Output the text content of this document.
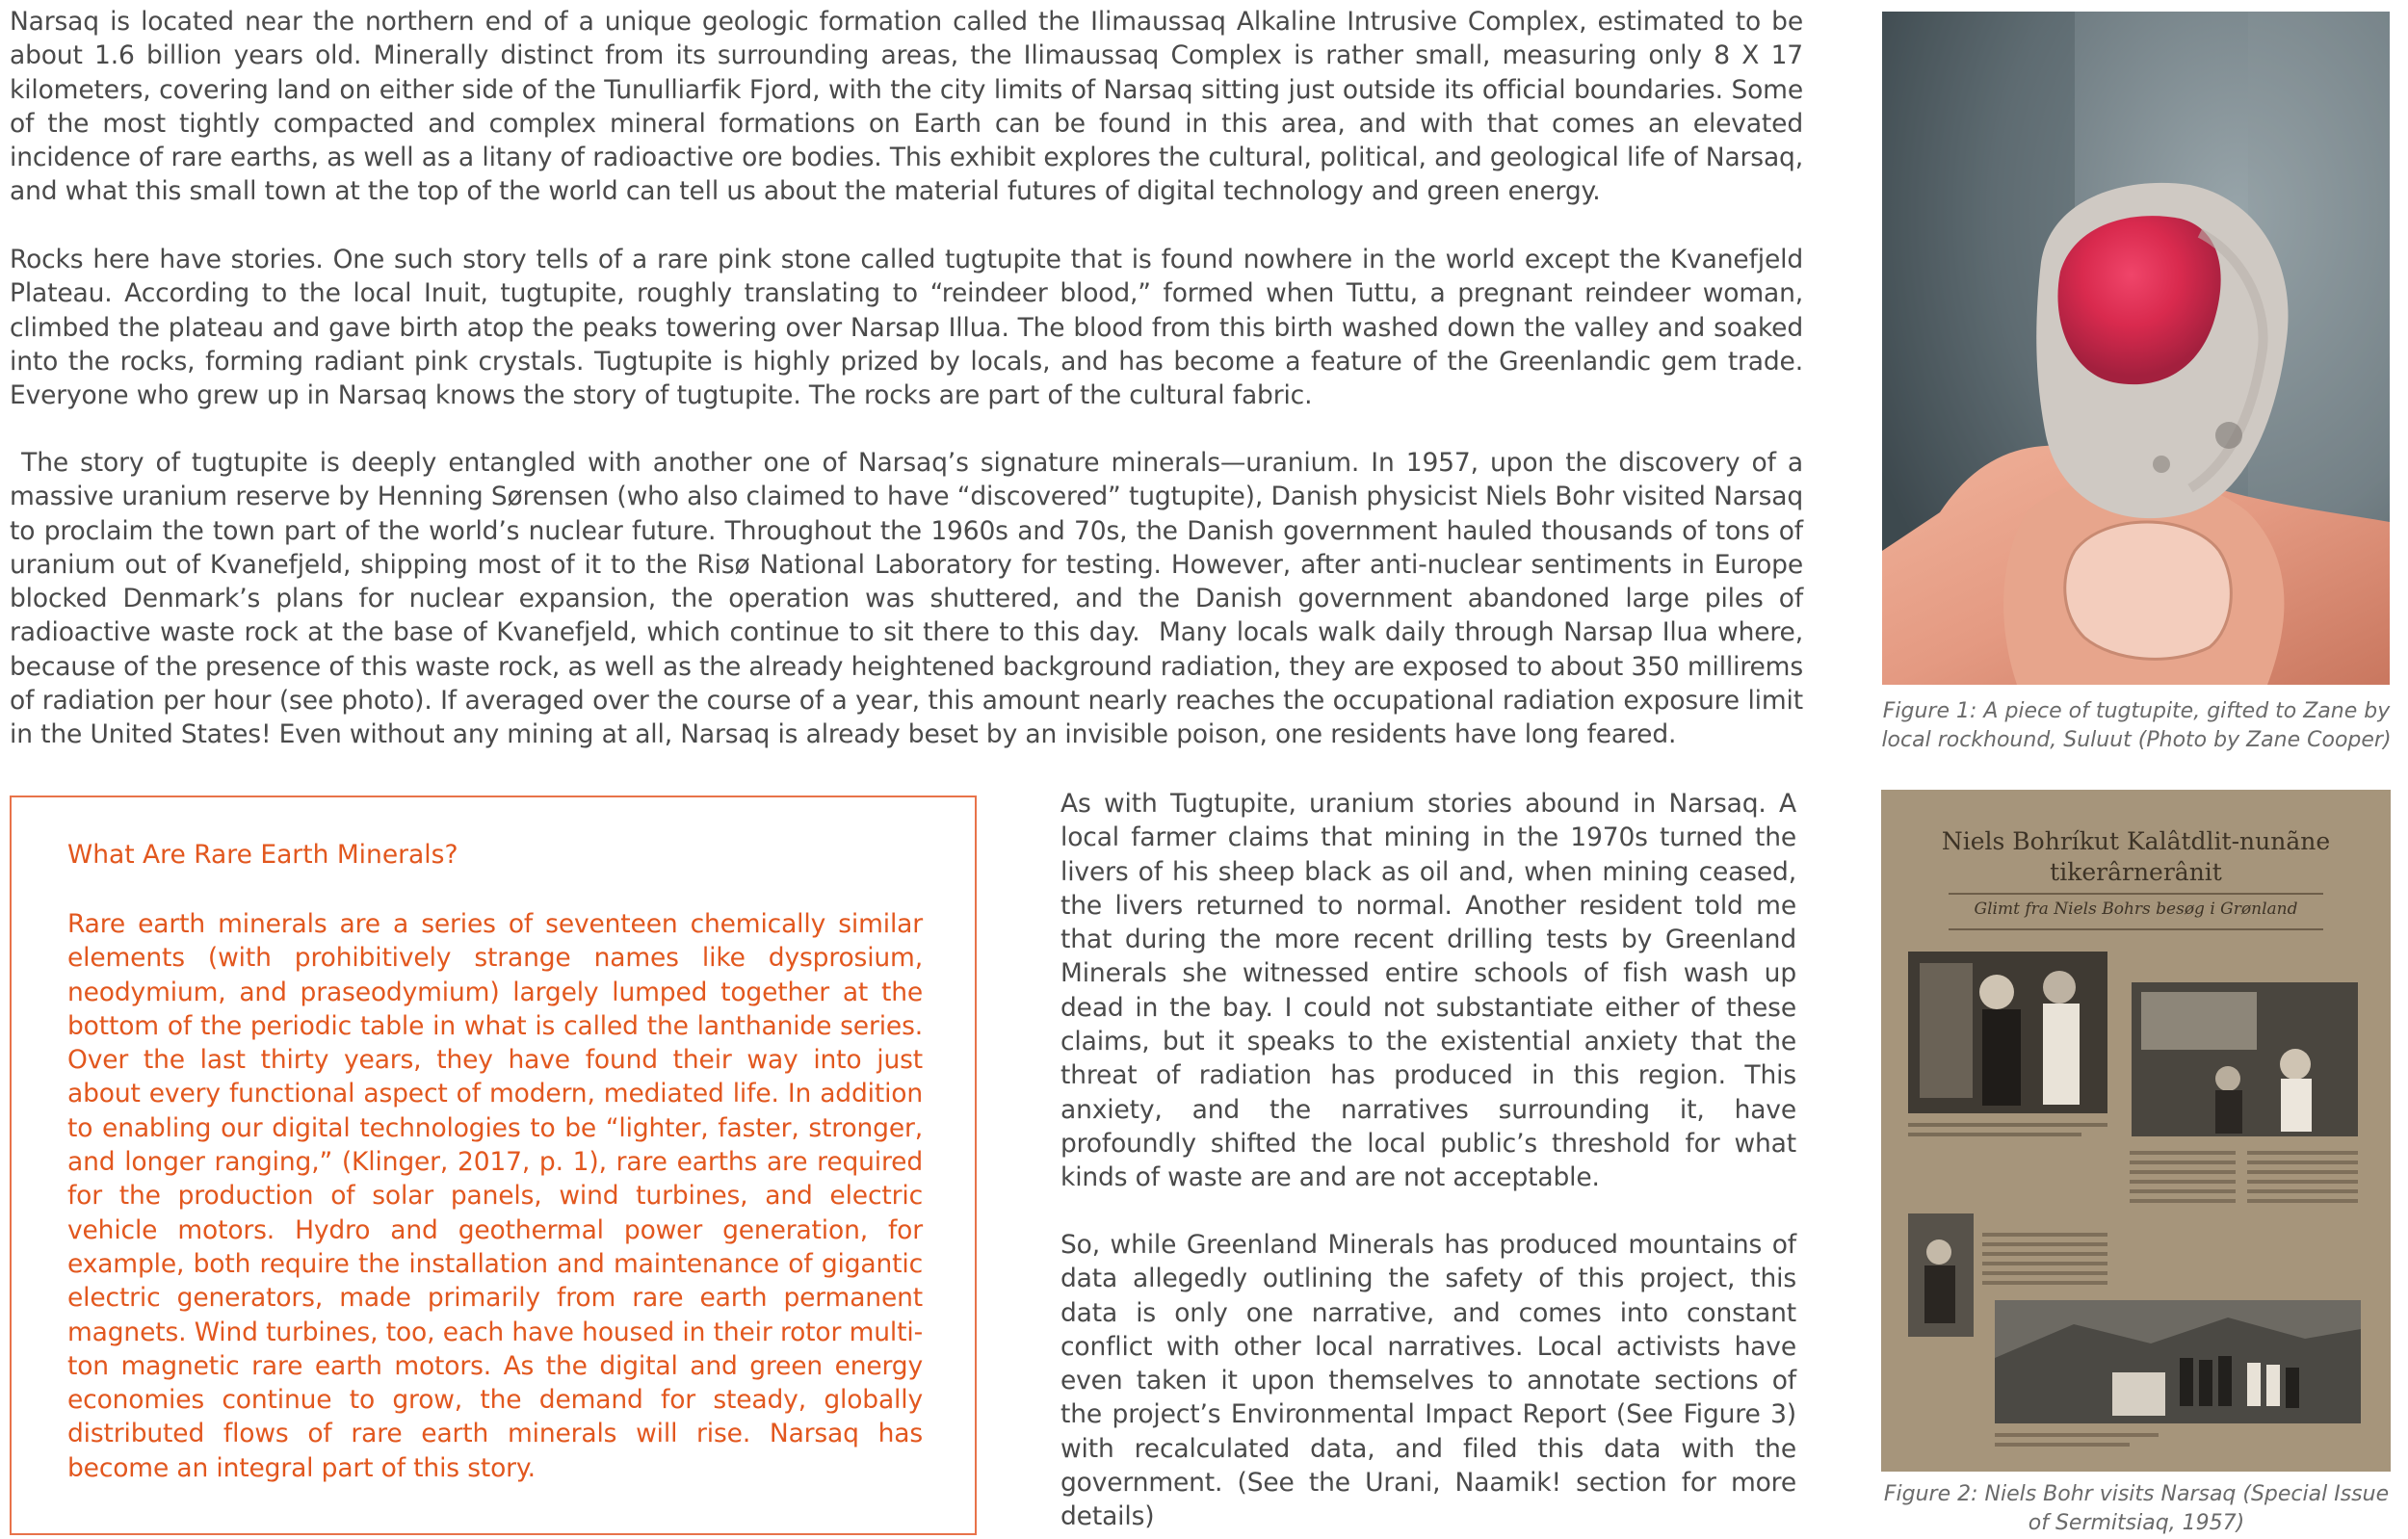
Narsaq is located near the northern end of a unique geologic formation called the Ilimaussaq Alkaline Intrusive Complex, estimated to be about 1.6 billion years old. Minerally distinct from its surrounding areas, the Ilimaussaq Complex is rather small, measuring only 8 X 17 kilometers, covering land on either side of the Tunulliarfik Fjord, with the city limits of Narsaq sitting just outside its official boundaries. Some of the most tightly compacted and complex mineral formations on Earth can be found in this area, and with that comes an elevated incidence of rare earths, as well as a litany of radioactive ore bodies. This exhibit explores the cultural, political, and geological life of Narsaq, and what this small town at the top of the world can tell us about the material futures of digital technology and green energy.

Rocks here have stories. One such story tells of a rare pink stone called tugtupite that is found nowhere in the world except the Kvanefjeld Plateau. According to the local Inuit, tugtupite, roughly translating to “reindeer blood,” formed when Tuttu, a pregnant reindeer woman, climbed the plateau and gave birth atop the peaks towering over Narsap Illua. The blood from this birth washed down the valley and soaked into the rocks, forming radiant pink crystals. Tugtupite is highly prized by locals, and has become a feature of the Greenlandic gem trade. Everyone who grew up in Narsaq knows the story of tugtupite. The rocks are part of the cultural fabric.

The story of tugtupite is deeply entangled with another one of Narsaq’s signature minerals—uranium. In 1957, upon the discovery of a massive uranium reserve by Henning Sørensen (who also claimed to have “discovered” tugtupite), Danish physicist Niels Bohr visited Narsaq to proclaim the town part of the world’s nuclear future. Throughout the 1960s and 70s, the Danish government hauled thousands of tons of uranium out of Kvanefjeld, shipping most of it to the Risø National Laboratory for testing. However, after anti-nuclear sentiments in Europe blocked Denmark’s plans for nuclear expansion, the operation was shuttered, and the Danish government abandoned large piles of radioactive waste rock at the base of Kvanefjeld, which continue to sit there to this day.  Many locals walk daily through Narsap Ilua where, because of the presence of this waste rock, as well as the already heightened background radiation, they are exposed to about 350 millirems of radiation per hour (see photo). If averaged over the course of a year, this amount nearly reaches the occupational radiation exposure limit in the United States! Even without any mining at all, Narsaq is already beset by an invisible poison, one residents have long feared.

What Are Rare Earth Minerals?

Rare earth minerals are a series of seventeen chemically similar elements (with prohibitively strange names like dysprosium, neodymium, and praseodymium) largely lumped together at the bottom of the periodic table in what is called the lanthanide series. Over the last thirty years, they have found their way into just about every functional aspect of modern, mediated life. In addition to enabling our digital technologies to be “lighter, faster, stronger, and longer ranging,” (Klinger, 2017, p. 1), rare earths are required for the production of solar panels, wind turbines, and electric vehicle motors. Hydro and geothermal power generation, for example, both require the installation and maintenance of gigantic electric generators, made primarily from rare earth permanent magnets. Wind turbines, too, each have housed in their rotor multi-ton magnetic rare earth motors. As the digital and green energy economies continue to grow, the demand for steady, globally distributed flows of rare earth minerals will rise. Narsaq has become an integral part of this story.

As with Tugtupite, uranium stories abound in Narsaq. A local farmer claims that mining in the 1970s turned the livers of his sheep black as oil and, when mining ceased, the livers returned to normal. Another resident told me that during the more recent drilling tests by Greenland Minerals she witnessed entire schools of fish wash up dead in the bay. I could not substantiate either of these claims, but it speaks to the existential anxiety that the threat of radiation has produced in this region. This anxiety, and the narratives surrounding it, have profoundly shifted the local public’s threshold for what kinds of waste are and are not acceptable.

So, while Greenland Minerals has produced mountains of data allegedly outlining the safety of this project, this data is only one narrative, and comes into constant conflict with other local narratives. Local activists have even taken it upon themselves to annotate sections of the project’s Environmental Impact Report (See Figure 3) with recalculated data, and filed this data with the government. (See the Urani, Naamik! section for more details)

Figure 1: A piece of tugtupite, gifted to Zane by local rockhound, Suluut (Photo by Zane Cooper)

Niels Bohríkut Kalâtdlit-nunãne
tikerârnerânit
Glimt fra Niels Bohrs besøg i Grønland

Figure 2: Niels Bohr visits Narsaq (Special Issue of Sermitsiaq, 1957)
